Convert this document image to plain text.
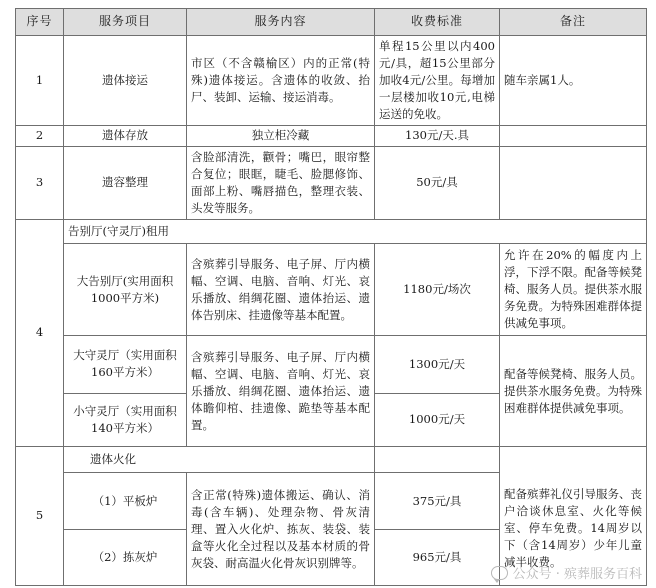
序号	服务项目	服务内容	收费标准	备注
1	遗体接运	市区（不含赣榆区）内的正常(特殊)遗体接运。含遗体的收敛、抬尸、装卸、运输、接运消毒。	单程15公里以内400元/具，超15公里部分加收4元/公里。每增加一层楼加收10元,电梯运送的免收。	随车亲属1人。
2	遗体存放	独立柜冷藏	130元/天.具	
3	遗容整理	含脸部清洗，颧骨；嘴巴，眼帘整合复位；眼眶，睫毛、脸腮修饰、面部上粉、嘴唇描色，整理衣装、头发等服务。	50元/具	
4	告别厅(守灵厅)租用			
	大告别厅(实用面积1000平方米)	含殡葬引导服务、电子屏、厅内横幅、空调、电脑、音响、灯光、哀乐播放、绢绸花圈、遗体抬运、遗体告别床、挂遗像等基本配置。	1180元/场次	允许在20%的幅度内上浮，下浮不限。配备等候凳椅、服务人员。提供茶水服务免费。为特殊困难群体提供减免事项。
	大守灵厅（实用面积160平方米）	含殡葬引导服务、电子屏、厅内横幅、空调、电脑、音响、灯光、哀乐播放、绢绸花圈、遗体抬运、遗体瞻仰棺、挂遗像、跪垫等基本配置。	1300元/天	配备等候凳椅、服务人员。提供茶水服务免费。为特殊困难群体提供减免事项。
	小守灵厅（实用面积140平方米）		1000元/天	
5	遗体火化			
	（1）平板炉	含正常(特殊)遗体搬运、确认、消毒(含车辆)、处理杂物、骨灰清理、置入火化炉、拣灰、装袋、装盒等火化全过程以及基本材质的骨灰袋、耐高温火化骨灰识别牌等。	375元/具	配备殡葬礼仪引导服务、丧户洽谈休息室、火化等候室、停车免费。14周岁以下（含14周岁）少年儿童减半收费。
	（2）拣灰炉		965元/具	
公众号 · 殡葬服务百科
